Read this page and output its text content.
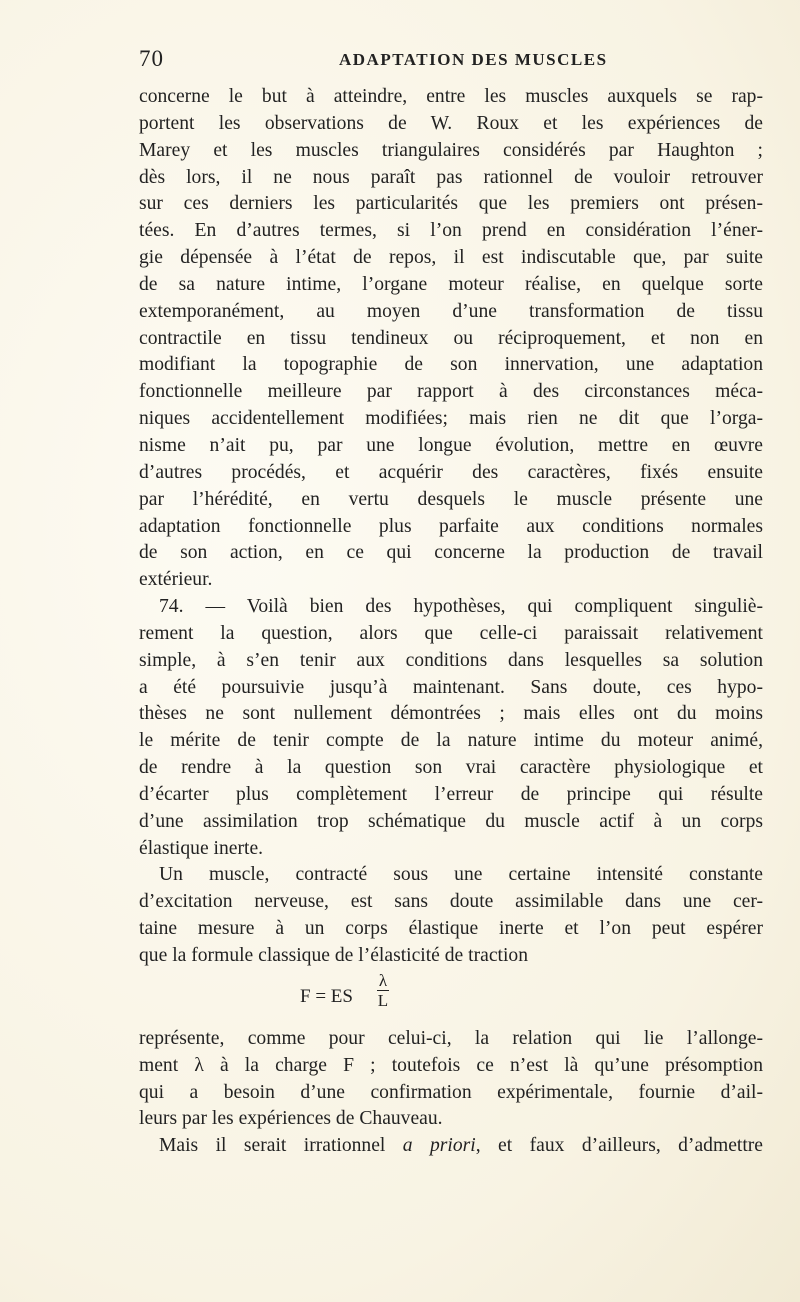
70	ADAPTATION DES MUSCLES
concerne le but à atteindre, entre les muscles auxquels se rap-
portent les observations de W. Roux et les expériences de
Marey et les muscles triangulaires considérés par Haughton ;
dès lors, il ne nous paraît pas rationnel de vouloir retrouver
sur ces derniers les particularités que les premiers ont présen-
tées. En d’autres termes, si l’on prend en considération l’éner-
gie dépensée à l’état de repos, il est indiscutable que, par suite
de sa nature intime, l’organe moteur réalise, en quelque sorte
extemporanément, au moyen d’une transformation de tissu
contractile en tissu tendineux ou réciproquement, et non en
modifiant la topographie de son innervation, une adaptation
fonctionnelle meilleure par rapport à des circonstances méca-
niques accidentellement modifiées; mais rien ne dit que l’orga-
nisme n’ait pu, par une longue évolution, mettre en œuvre
d’autres procédés, et acquérir des caractères, fixés ensuite
par l’hérédité, en vertu desquels le muscle présente une
adaptation fonctionnelle plus parfaite aux conditions normales
de son action, en ce qui concerne la production de travail
extérieur.
74. — Voilà bien des hypothèses, qui compliquent singuliè-
rement la question, alors que celle-ci paraissait relativement
simple, à s’en tenir aux conditions dans lesquelles sa solution
a été poursuivie jusqu’à maintenant. Sans doute, ces hypo-
thèses ne sont nullement démontrées ; mais elles ont du moins
le mérite de tenir compte de la nature intime du moteur animé,
de rendre à la question son vrai caractère physiologique et
d’écarter plus complètement l’erreur de principe qui résulte
d’une assimilation trop schématique du muscle actif à un corps
élastique inerte.
Un muscle, contracté sous une certaine intensité constante
d’excitation nerveuse, est sans doute assimilable dans une cer-
taine mesure à un corps élastique inerte et l’on peut espérer
que la formule classique de l’élasticité de traction
F = ES
λ
L
représente, comme pour celui-ci, la relation qui lie l’allonge-
ment λ à la charge F ; toutefois ce n’est là qu’une présomption
qui a besoin d’une confirmation expérimentale, fournie d’ail-
leurs par les expériences de Chauveau.
Mais il serait irrationnel a priori, et faux d’ailleurs, d’admettre
